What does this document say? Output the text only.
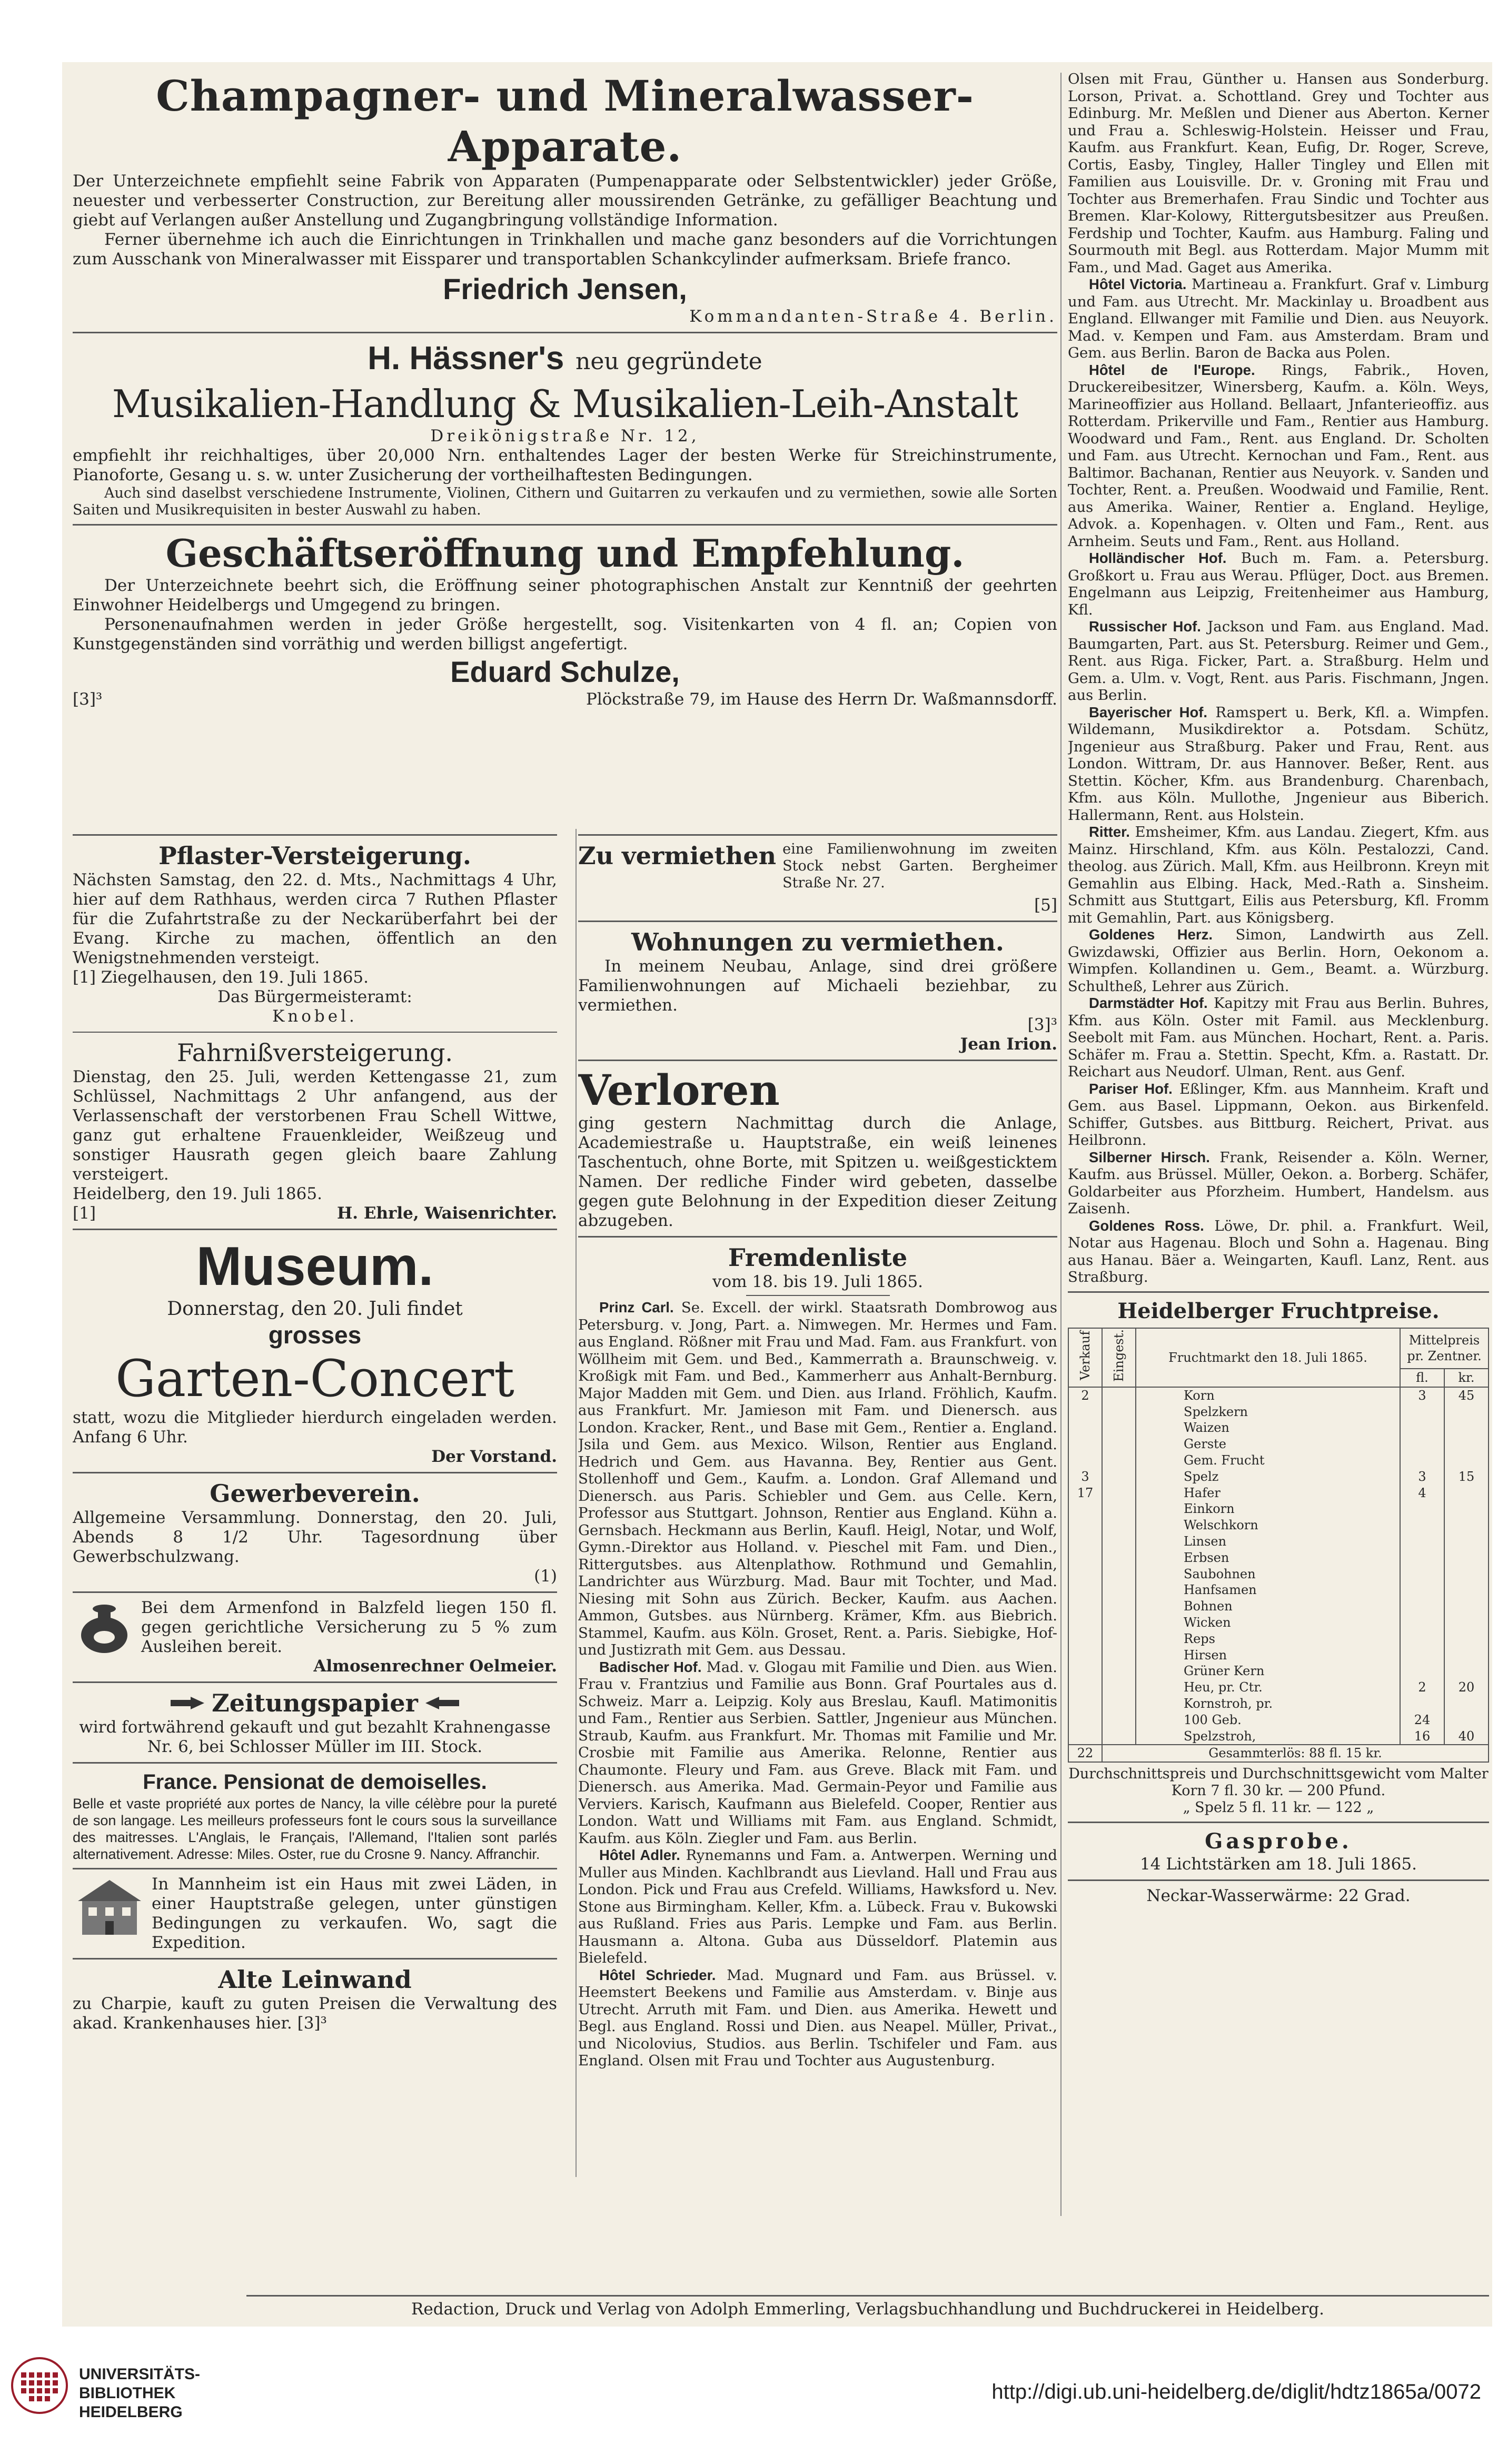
Champagner- und Mineralwasser-Apparate.

Der Unterzeichnete empfiehlt seine Fabrik von Apparaten (Pumpenapparate oder Selbstentwickler) jeder Größe, neuester und verbesserter Construction, zur Bereitung aller moussirenden Getränke, zu gefälliger Beachtung und giebt auf Verlangen außer Anstellung und Zugangbringung vollständige Information.

Ferner übernehme ich auch die Einrichtungen in Trinkhallen und mache ganz besonders auf die Vorrichtungen zum Ausschank von Mineralwasser mit Eissparer und transportablen Schankcylinder aufmerksam. Briefe franco.

Friedrich Jensen,

Kommandanten-Straße 4. Berlin.

H. Hässner's neu gegründete

Musikalien-Handlung & Musikalien-Leih-Anstalt

Dreikönigstraße Nr. 12,

empfiehlt ihr reichhaltiges, über 20,000 Nrn. enthaltendes Lager der besten Werke für Streichinstrumente, Pianoforte, Gesang u. s. w. unter Zusicherung der vortheilhaftesten Bedingungen.

Auch sind daselbst verschiedene Instrumente, Violinen, Cithern und Guitarren zu verkaufen und zu vermiethen, sowie alle Sorten Saiten und Musikrequisiten in bester Auswahl zu haben.

Geschäftseröffnung und Empfehlung.

Der Unterzeichnete beehrt sich, die Eröffnung seiner photographischen Anstalt zur Kenntniß der geehrten Einwohner Heidelbergs und Umgegend zu bringen.

Personenaufnahmen werden in jeder Größe hergestellt, sog. Visitenkarten von 4 fl. an; Copien von Kunstgegenständen sind vorräthig und werden billigst angefertigt.

Eduard Schulze,

[3]³	Plöckstraße 79, im Hause des Herrn Dr. Waßmannsdorff.

Pflaster-Versteigerung.

Nächsten Samstag, den 22. d. Mts., Nachmittags 4 Uhr, hier auf dem Rathhaus, werden circa 7 Ruthen Pflaster für die Zufahrtstraße zu der Neckarüberfahrt bei der Evang. Kirche zu machen, öffentlich an den Wenigstnehmenden versteigt.

[1] Ziegelhausen, den 19. Juli 1865.

Das Bürgermeisteramt:

Knobel.

Fahrnißversteigerung.

Dienstag, den 25. Juli, werden Kettengasse 21, zum Schlüssel, Nachmittags 2 Uhr anfangend, aus der Verlassenschaft der verstorbenen Frau Schell Wittwe, ganz gut erhaltene Frauenkleider, Weißzeug und sonstiger Hausrath gegen gleich baare Zahlung versteigert.

Heidelberg, den 19. Juli 1865.

[1]	H. Ehrle, Waisenrichter.

Museum.

Donnerstag, den 20. Juli findet

grosses

Garten-Concert

statt, wozu die Mitglieder hierdurch eingeladen werden. Anfang 6 Uhr.

Der Vorstand.

Gewerbeverein.

Allgemeine Versammlung. Donnerstag, den 20. Juli, Abends 8 1/2 Uhr. Tagesordnung über Gewerbschulzwang.

(1)

Bei dem Armenfond in Balzfeld liegen 150 fl. gegen gerichtliche Versicherung zu 5 % zum Ausleihen bereit.

Almosenrechner Oelmeier.

Zeitungspapier

wird fortwährend gekauft und gut bezahlt Krahnengasse Nr. 6, bei Schlosser Müller im III. Stock.

France. Pensionat de demoiselles.

Belle et vaste propriété aux portes de Nancy, la ville célèbre pour la pureté de son langage. Les meilleurs professeurs font le cours sous la surveillance des maitresses. L'Anglais, le Français, l'Allemand, l'Italien sont parlés alternativement. Adresse: Miles. Oster, rue du Crosne 9. Nancy. Affranchir.

In Mannheim ist ein Haus mit zwei Läden, in einer Hauptstraße gelegen, unter günstigen Bedingungen zu verkaufen. Wo, sagt die Expedition.

Alte Leinwand

zu Charpie, kauft zu guten Preisen die Verwaltung des akad. Krankenhauses hier. [3]³

Zu vermiethen eine Familienwohnung im zweiten Stock nebst Garten. Bergheimer Straße Nr. 27.

[5]

Wohnungen zu vermiethen.

In meinem Neubau, Anlage, sind drei größere Familienwohnungen auf Michaeli beziehbar, zu vermiethen.

[3]³

Jean Irion.

Verloren

ging gestern Nachmittag durch die Anlage, Academiestraße u. Hauptstraße, ein weiß leinenes Taschentuch, ohne Borte, mit Spitzen u. weißgesticktem Namen. Der redliche Finder wird gebeten, dasselbe gegen gute Belohnung in der Expedition dieser Zeitung abzugeben.

Fremdenliste

vom 18. bis 19. Juli 1865.

Prinz Carl. Se. Excell. der wirkl. Staatsrath Dombrowog aus Petersburg. v. Jong, Part. a. Nimwegen. Mr. Hermes und Fam. aus England. Rößner mit Frau und Mad. Fam. aus Frankfurt. von Wöllheim mit Gem. und Bed., Kammerrath a. Braunschweig. v. Kroßigk mit Fam. und Bed., Kammerherr aus Anhalt-Bernburg. Major Madden mit Gem. und Dien. aus Irland. Fröhlich, Kaufm. aus Frankfurt. Mr. Jamieson mit Fam. und Dienersch. aus London. Kracker, Rent., und Base mit Gem., Rentier a. England. Jsila und Gem. aus Mexico. Wilson, Rentier aus England. Hedrich und Gem. aus Havanna. Bey, Rentier aus Gent. Stollenhoff und Gem., Kaufm. a. London. Graf Allemand und Dienersch. aus Paris. Schiebler und Gem. aus Celle. Kern, Professor aus Stuttgart. Johnson, Rentier aus England. Kühn a. Gernsbach. Heckmann aus Berlin, Kaufl. Heigl, Notar, und Wolf, Gymn.-Direktor aus Holland. v. Pieschel mit Fam. und Dien., Rittergutsbes. aus Altenplathow. Rothmund und Gemahlin, Landrichter aus Würzburg. Mad. Baur mit Tochter, und Mad. Niesing mit Sohn aus Zürich. Becker, Kaufm. aus Aachen. Ammon, Gutsbes. aus Nürnberg. Krämer, Kfm. aus Biebrich. Stammel, Kaufm. aus Köln. Groset, Rent. a. Paris. Siebigke, Hof- und Justizrath mit Gem. aus Dessau.

Badischer Hof. Mad. v. Glogau mit Familie und Dien. aus Wien. Frau v. Frantzius und Familie aus Bonn. Graf Pourtales aus d. Schweiz. Marr a. Leipzig. Koly aus Breslau, Kaufl. Matimonitis und Fam., Rentier aus Serbien. Sattler, Jngenieur aus München. Straub, Kaufm. aus Frankfurt. Mr. Thomas mit Familie und Mr. Crosbie mit Familie aus Amerika. Relonne, Rentier aus Chaumonte. Fleury und Fam. aus Greve. Black mit Fam. und Dienersch. aus Amerika. Mad. Germain-Peyor und Familie aus Verviers. Karisch, Kaufmann aus Bielefeld. Cooper, Rentier aus London. Watt und Williams mit Fam. aus England. Schmidt, Kaufm. aus Köln. Ziegler und Fam. aus Berlin.

Hôtel Adler. Rynemanns und Fam. a. Antwerpen. Werning und Muller aus Minden. Kachlbrandt aus Lievland. Hall und Frau aus London. Pick und Frau aus Crefeld. Williams, Hawksford u. Nev. Stone aus Birmingham. Keller, Kfm. a. Lübeck. Frau v. Bukowski aus Rußland. Fries aus Paris. Lempke und Fam. aus Berlin. Hausmann a. Altona. Guba aus Düsseldorf. Platemin aus Bielefeld.

Hôtel Schrieder. Mad. Mugnard und Fam. aus Brüssel. v. Heemstert Beekens und Familie aus Amsterdam. v. Binje aus Utrecht. Arruth mit Fam. und Dien. aus Amerika. Hewett und Begl. aus England. Rossi und Dien. aus Neapel. Müller, Privat., und Nicolovius, Studios. aus Berlin. Tschifeler und Fam. aus England. Olsen mit Frau und Tochter aus Augustenburg.

Olsen mit Frau, Günther u. Hansen aus Sonderburg. Lorson, Privat. a. Schottland. Grey und Tochter aus Edinburg. Mr. Meßlen und Diener aus Aberton. Kerner und Frau a. Schleswig-Holstein. Heisser und Frau, Kaufm. aus Frankfurt. Kean, Eufig, Dr. Roger, Screve, Cortis, Easby, Tingley, Haller Tingley und Ellen mit Familien aus Louisville. Dr. v. Groning mit Frau und Tochter aus Bremerhafen. Frau Sindic und Tochter aus Bremen. Klar-Kolowy, Rittergutsbesitzer aus Preußen. Ferdship und Tochter, Kaufm. aus Hamburg. Faling und Sourmouth mit Begl. aus Rotterdam. Major Mumm mit Fam., und Mad. Gaget aus Amerika.

Hôtel Victoria. Martineau a. Frankfurt. Graf v. Limburg und Fam. aus Utrecht. Mr. Mackinlay u. Broadbent aus England. Ellwanger mit Familie und Dien. aus Neuyork. Mad. v. Kempen und Fam. aus Amsterdam. Bram und Gem. aus Berlin. Baron de Backa aus Polen.

Hôtel de l'Europe. Rings, Fabrik., Hoven, Druckereibesitzer, Winersberg, Kaufm. a. Köln. Weys, Marineoffizier aus Holland. Bellaart, Jnfanterieoffiz. aus Rotterdam. Prikerville und Fam., Rentier aus Hamburg. Woodward und Fam., Rent. aus England. Dr. Scholten und Fam. aus Utrecht. Kernochan und Fam., Rent. aus Baltimor. Bachanan, Rentier aus Neuyork. v. Sanden und Tochter, Rent. a. Preußen. Woodwaid und Familie, Rent. aus Amerika. Wainer, Rentier a. England. Heylige, Advok. a. Kopenhagen. v. Olten und Fam., Rent. aus Arnheim. Seuts und Fam., Rent. aus Holland.

Holländischer Hof. Buch m. Fam. a. Petersburg. Großkort u. Frau aus Werau. Pflüger, Doct. aus Bremen. Engelmann aus Leipzig, Freitenheimer aus Hamburg, Kfl.

Russischer Hof. Jackson und Fam. aus England. Mad. Baumgarten, Part. aus St. Petersburg. Reimer und Gem., Rent. aus Riga. Ficker, Part. a. Straßburg. Helm und Gem. a. Ulm. v. Vogt, Rent. aus Paris. Fischmann, Jngen. aus Berlin.

Bayerischer Hof. Ramspert u. Berk, Kfl. a. Wimpfen. Wildemann, Musikdirektor a. Potsdam. Schütz, Jngenieur aus Straßburg. Paker und Frau, Rent. aus London. Wittram, Dr. aus Hannover. Beßer, Rent. aus Stettin. Köcher, Kfm. aus Brandenburg. Charenbach, Kfm. aus Köln. Mullothe, Jngenieur aus Biberich. Hallermann, Rent. aus Holstein.

Ritter. Emsheimer, Kfm. aus Landau. Ziegert, Kfm. aus Mainz. Hirschland, Kfm. aus Köln. Pestalozzi, Cand. theolog. aus Zürich. Mall, Kfm. aus Heilbronn. Kreyn mit Gemahlin aus Elbing. Hack, Med.-Rath a. Sinsheim. Schmitt aus Stuttgart, Eilis aus Petersburg, Kfl. Fromm mit Gemahlin, Part. aus Königsberg.

Goldenes Herz. Simon, Landwirth aus Zell. Gwizdawski, Offizier aus Berlin. Horn, Oekonom a. Wimpfen. Kollandinen u. Gem., Beamt. a. Würzburg. Schultheß, Lehrer aus Zürich.

Darmstädter Hof. Kapitzy mit Frau aus Berlin. Buhres, Kfm. aus Köln. Oster mit Famil. aus Mecklenburg. Seebolt mit Fam. aus München. Hochart, Rent. a. Paris. Schäfer m. Frau a. Stettin. Specht, Kfm. a. Rastatt. Dr. Reichart aus Neudorf. Ulman, Rent. aus Genf.

Pariser Hof. Eßlinger, Kfm. aus Mannheim. Kraft und Gem. aus Basel. Lippmann, Oekon. aus Birkenfeld. Schiffer, Gutsbes. aus Bittburg. Reichert, Privat. aus Heilbronn.

Silberner Hirsch. Frank, Reisender a. Köln. Werner, Kaufm. aus Brüssel. Müller, Oekon. a. Borberg. Schäfer, Goldarbeiter aus Pforzheim. Humbert, Handelsm. aus Zaisenh.

Goldenes Ross. Löwe, Dr. phil. a. Frankfurt. Weil, Notar aus Hagenau. Bloch und Sohn a. Hagenau. Bing aus Hanau. Bäer a. Weingarten, Kaufl. Lanz, Rent. aus Straßburg.

Heidelberger Fruchtpreise.

Verkauf	Eingest.	Fruchtmarkt den 18. Juli 1865.	Mittelpreis pr. Zentner.	
			fl.	kr.
2		Korn	3	45
		Spelzkern		
		Waizen		
		Gerste		
		Gem. Frucht		
3		Spelz	3	15
17		Hafer	4	
		Einkorn		
		Welschkorn		
		Linsen		
		Erbsen		
		Saubohnen		
		Hanfsamen		
		Bohnen		
		Wicken		
		Reps		
		Hirsen		
		Grüner Kern		
		Heu, pr. Ctr.	2	20
		Kornstroh, pr.		
		100 Geb.	24	
		Spelzstroh,	16	40
22	Gesammterlös: 88 fl. 15 kr.			

Durchschnittspreis und Durchschnittsgewicht vom Malter Korn 7 fl. 30 kr. — 200 Pfund.

„ Spelz 5 fl. 11 kr. — 122 „

Gasprobe.

14 Lichtstärken am 18. Juli 1865.

Neckar-Wasserwärme: 22 Grad.

Redaction, Druck und Verlag von Adolph Emmerling, Verlagsbuchhandlung und Buchdruckerei in Heidelberg.

UNIVERSITÄTS-
BIBLIOTHEK
HEIDELBERG
http://digi.ub.uni-heidelberg.de/diglit/hdtz1865a/0072
